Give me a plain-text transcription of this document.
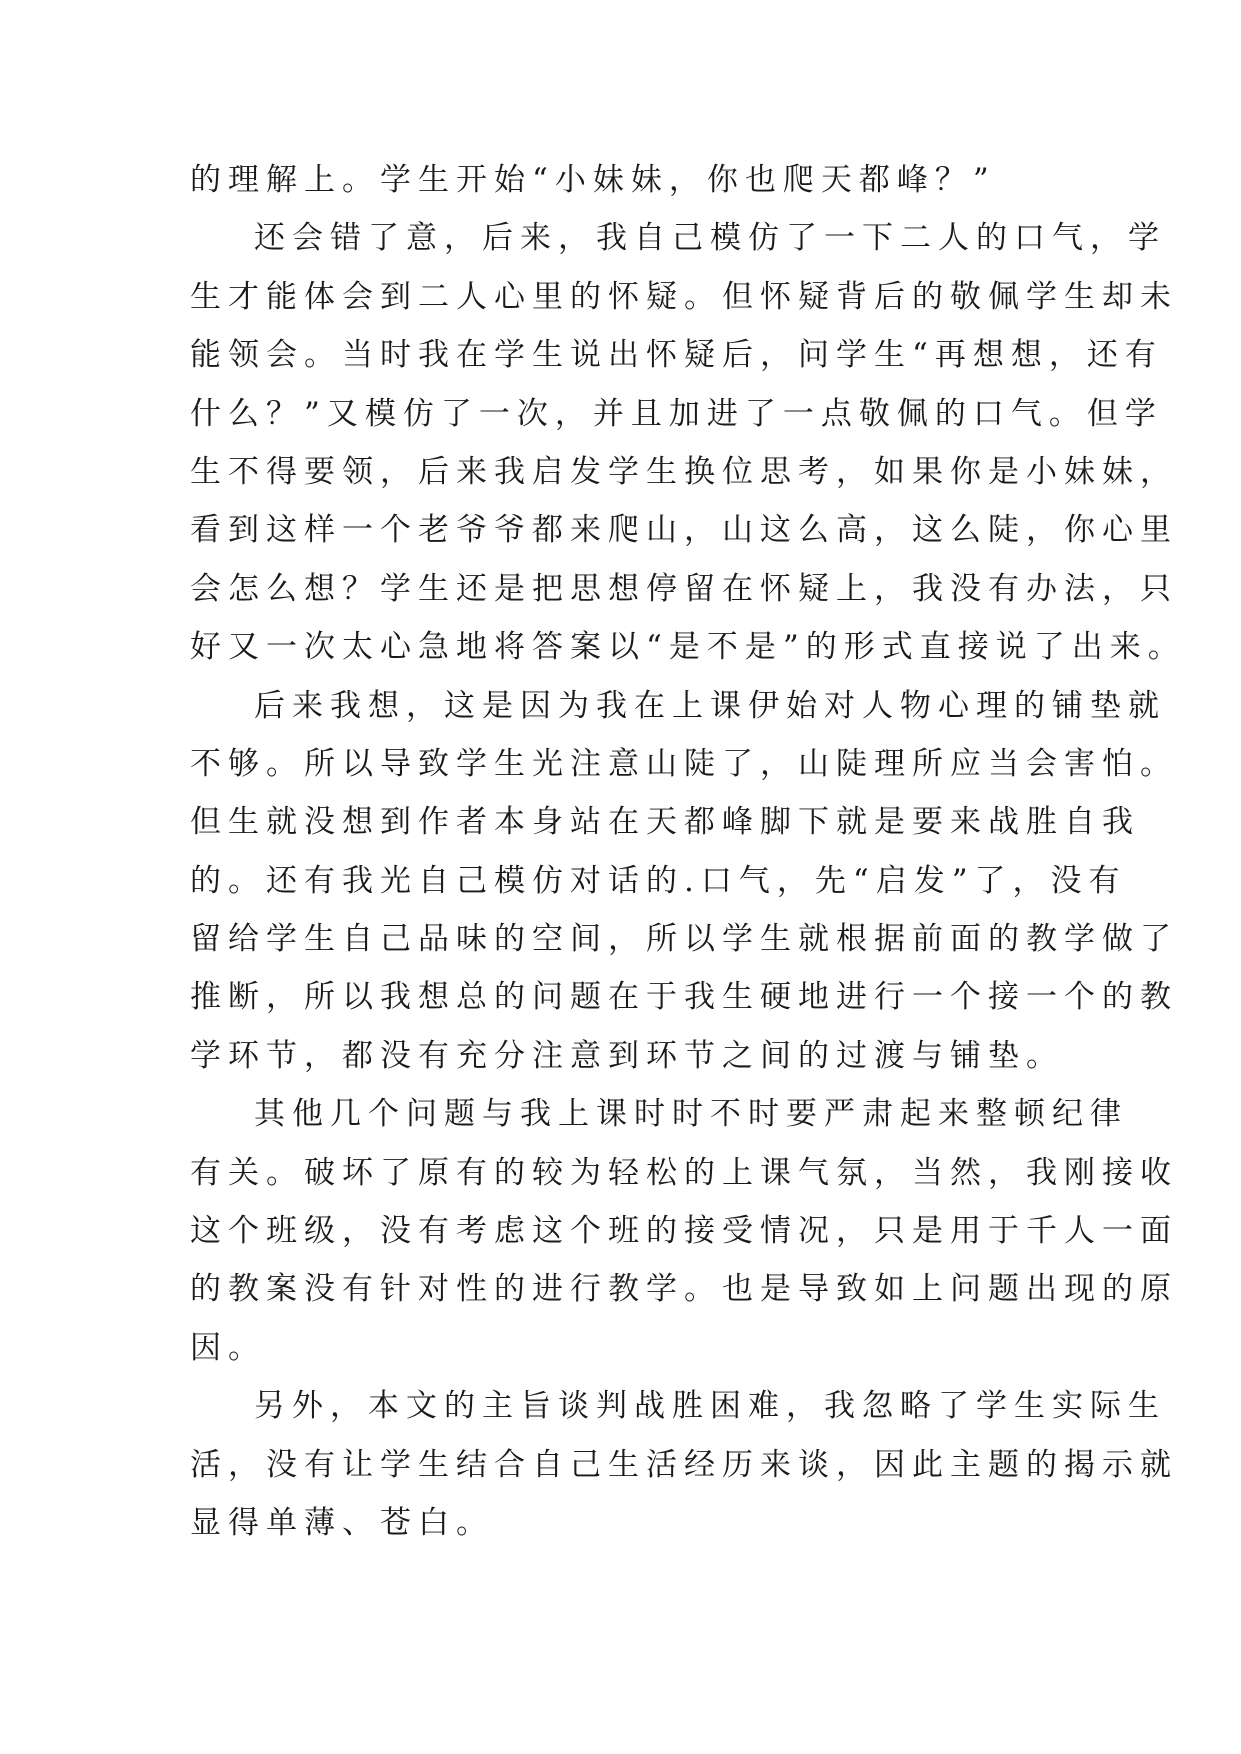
的理解上。学生开始“小妹妹，你也爬天都峰？”
还会错了意，后来，我自己模仿了一下二人的口气，学
生才能体会到二人心里的怀疑。但怀疑背后的敬佩学生却未
能领会。当时我在学生说出怀疑后，问学生“再想想，还有
什么？”又模仿了一次，并且加进了一点敬佩的口气。但学
生不得要领，后来我启发学生换位思考，如果你是小妹妹，
看到这样一个老爷爷都来爬山，山这么高，这么陡，你心里
会怎么想？学生还是把思想停留在怀疑上，我没有办法，只
好又一次太心急地将答案以“是不是”的形式直接说了出来。
后来我想，这是因为我在上课伊始对人物心理的铺垫就
不够。所以导致学生光注意山陡了，山陡理所应当会害怕。
但生就没想到作者本身站在天都峰脚下就是要来战胜自我
的。还有我光自己模仿对话的.口气，先“启发”了，没有
留给学生自己品味的空间，所以学生就根据前面的教学做了
推断，所以我想总的问题在于我生硬地进行一个接一个的教
学环节，都没有充分注意到环节之间的过渡与铺垫。
其他几个问题与我上课时时不时要严肃起来整顿纪律
有关。破坏了原有的较为轻松的上课气氛，当然，我刚接收
这个班级，没有考虑这个班的接受情况，只是用于千人一面
的教案没有针对性的进行教学。也是导致如上问题出现的原
因。
另外，本文的主旨谈判战胜困难，我忽略了学生实际生
活，没有让学生结合自己生活经历来谈，因此主题的揭示就
显得单薄、苍白。
